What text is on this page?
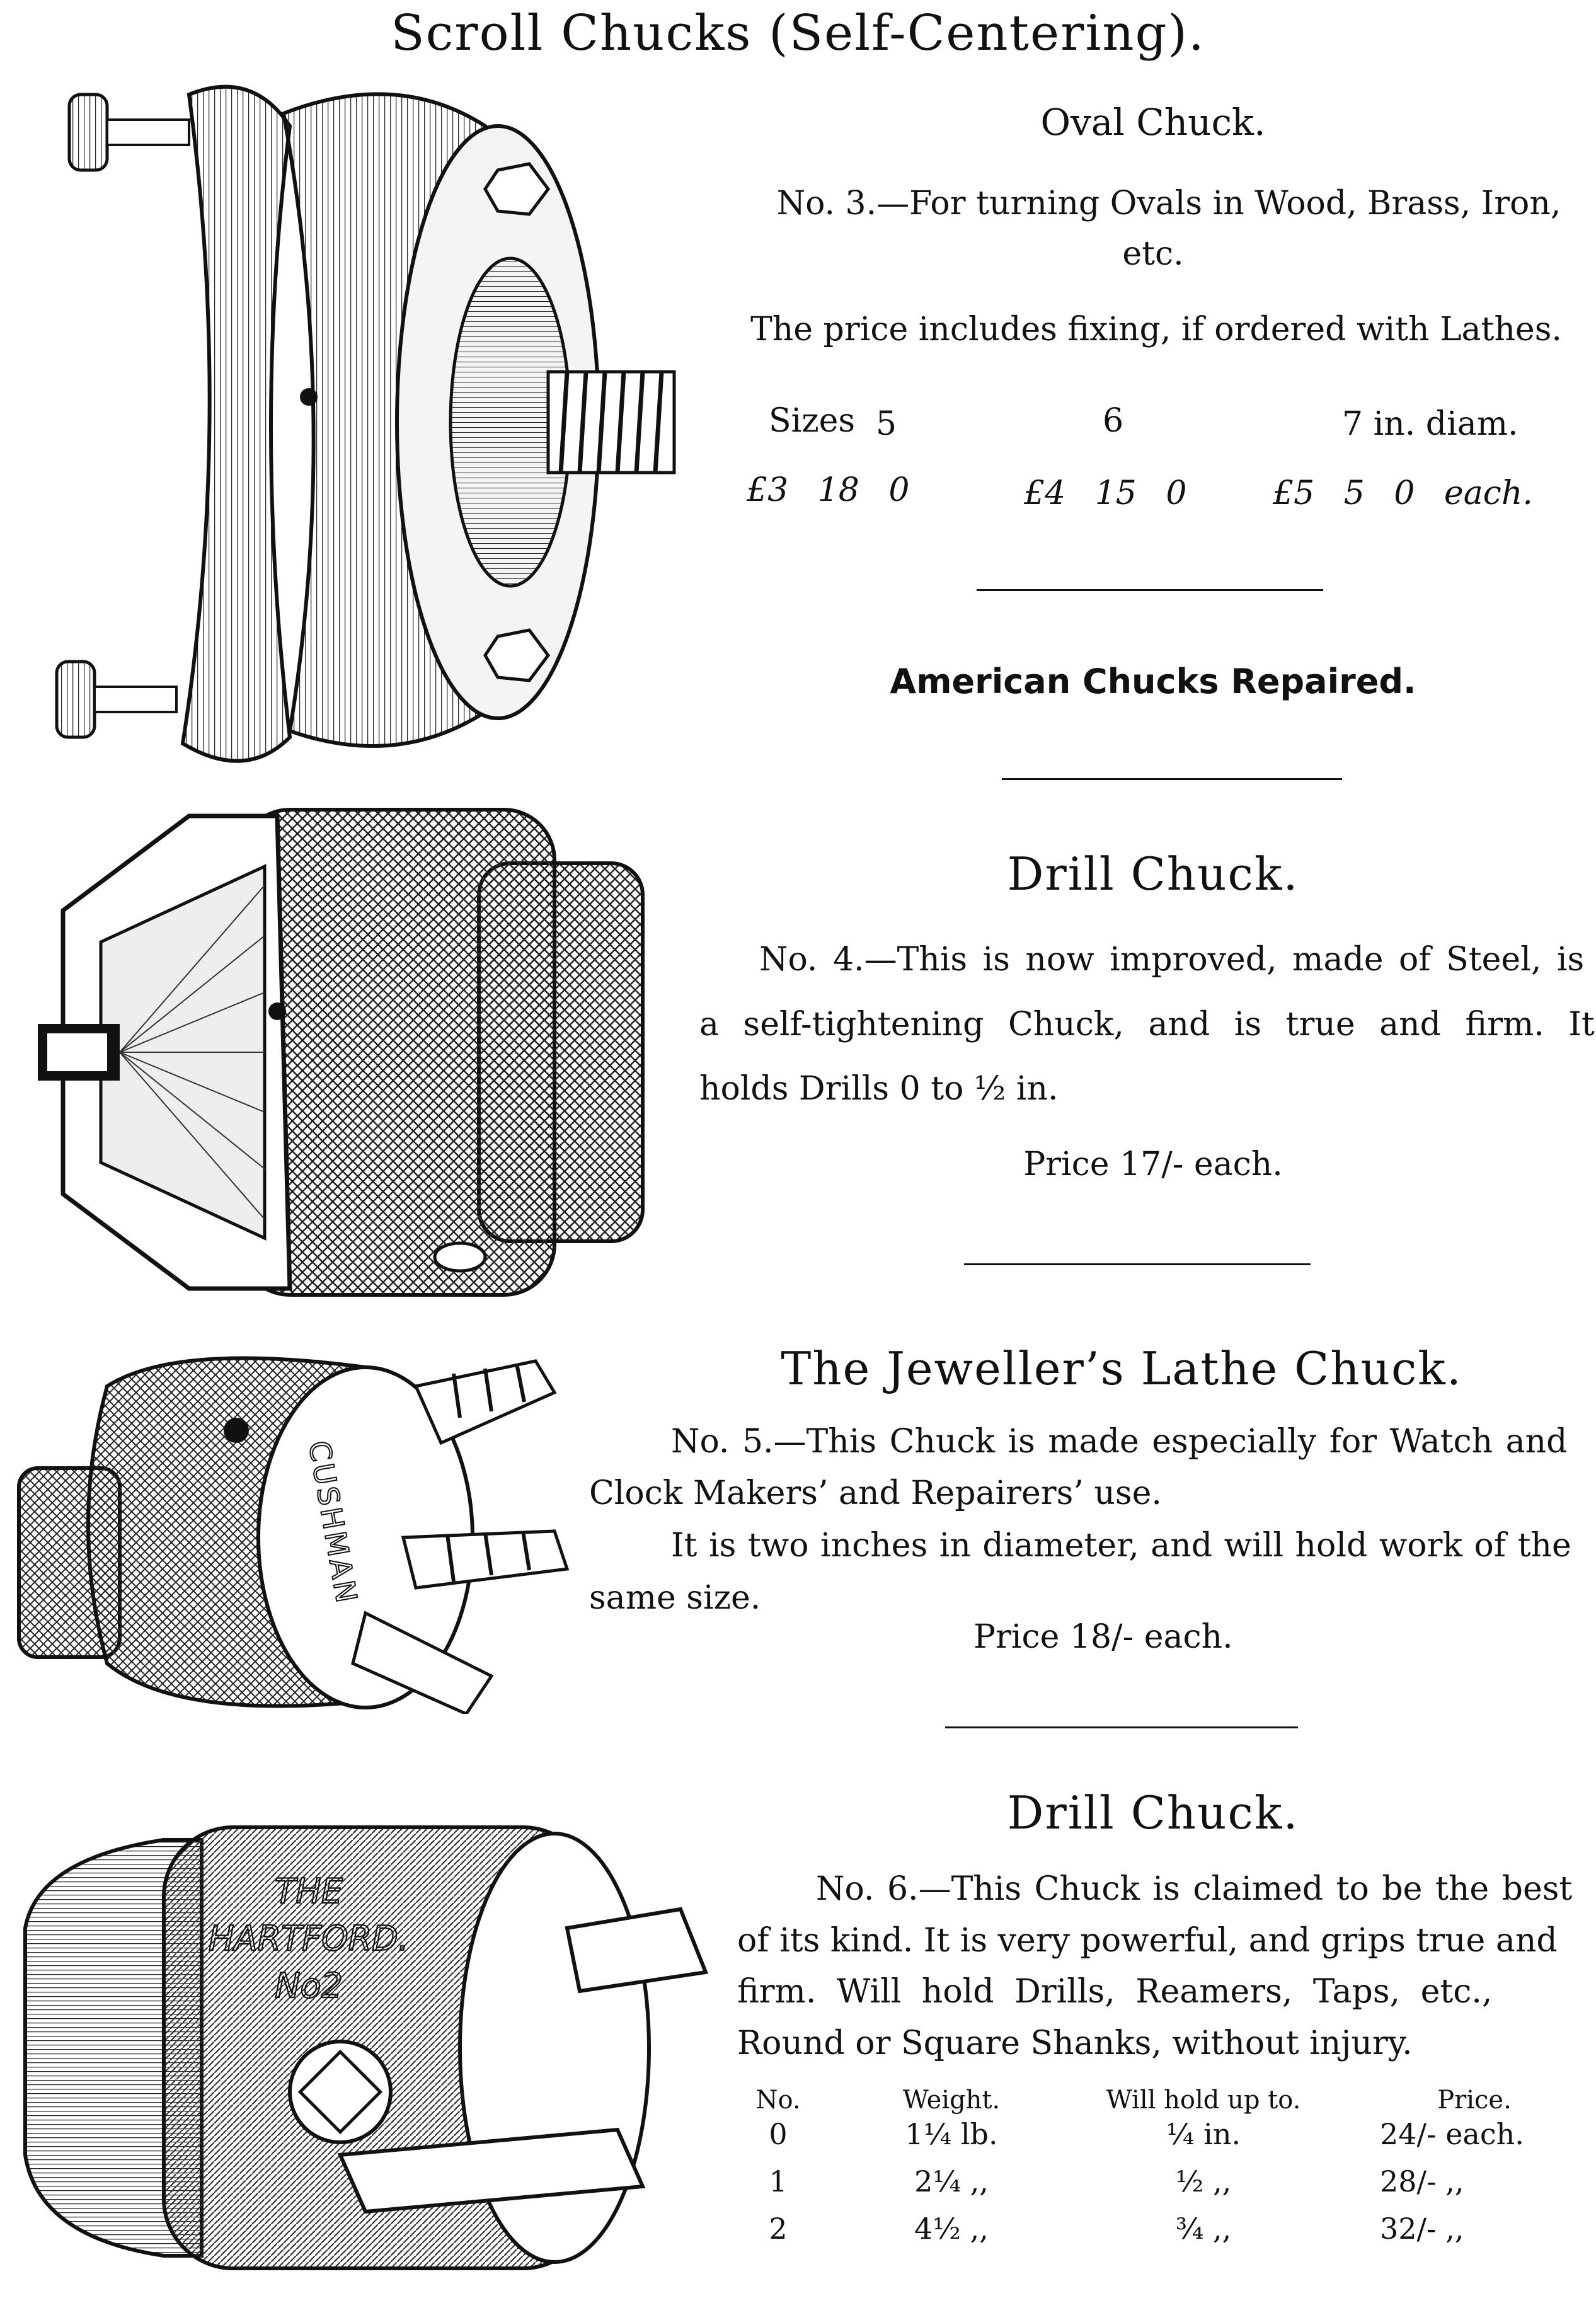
Scroll Chucks (Self-Centering).
Oval Chuck.
No. 3.—For turning Ovals in Wood, Brass, Iron,
etc.
The price includes fixing, if ordered with Lathes.
Sizes 5	6	7 in. diam.
£3 18 0	£4 15 0	£5 5 0 each.
American Chucks Repaired.
Drill Chuck.
No. 4.—This is now improved, made of Steel, is
a self-tightening Chuck, and is true and firm. It
holds Drills 0 to ½ in.
Price 17/- each.
CUSHMAN
The Jeweller’s Lathe Chuck.
No. 5.—This Chuck is made especially for Watch and
Clock Makers’ and Repairers’ use.
It is two inches in diameter, and will hold work of the
same size.
Price 18/- each.
THE
HARTFORD.
No2
Drill Chuck.
No. 6.—This Chuck is claimed to be the best
of its kind. It is very powerful, and grips true and
firm. Will hold Drills, Reamers, Taps, etc.,
Round or Square Shanks, without injury.
No.	Weight.	Will hold up to.	Price.
0	1¼ lb.	¼ in.	24/- each.
1	2¼ ,,	½ ,,	28/- ,,
2	4½ ,,	¾ ,,	32/- ,,
